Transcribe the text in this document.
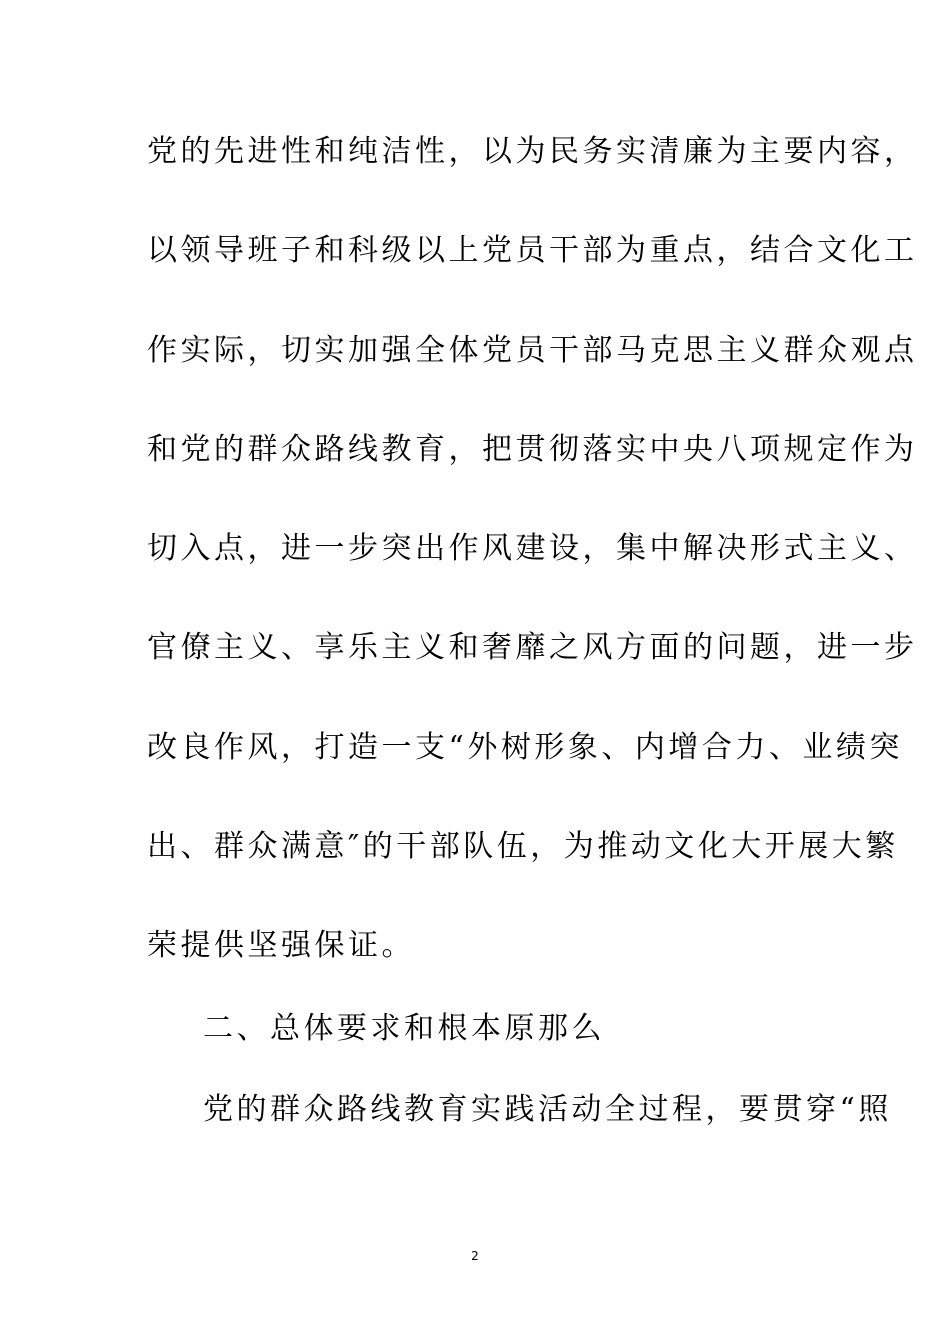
党的先进性和纯洁性，以为民务实清廉为主要内容，
以领导班子和科级以上党员干部为重点，结合文化工
作实际，切实加强全体党员干部马克思主义群众观点
和党的群众路线教育，把贯彻落实中央八项规定作为
切入点，进一步突出作风建设，集中解决形式主义、
官僚主义、享乐主义和奢靡之风方面的问题，进一步
改良作风，打造一支“外树形象、内增合力、业绩突
出、群众满意″的干部队伍，为推动文化大开展大繁
荣提供坚强保证。
二、总体要求和根本原那么
党的群众路线教育实践活动全过程，要贯穿“照
2
